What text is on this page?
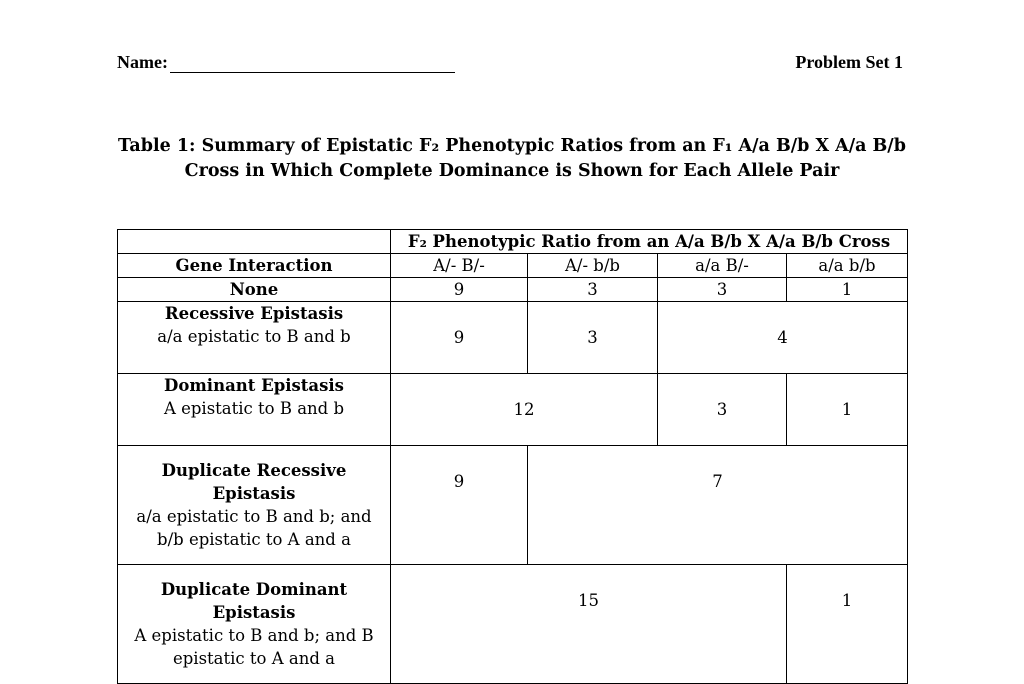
Name:	Problem Set 1
Table 1: Summary of Epistatic F₂ Phenotypic Ratios from an F₁ A/a B/b X A/a B/b
Cross in Which Complete Dominance is Shown for Each Allele Pair
	F₂ Phenotypic Ratio from an A/a B/b X A/a B/b Cross			
Gene Interaction	A/- B/-	A/- b/b	a/a B/-	a/a b/b
None	9	3	3	1

Recessive Epistasis
a/a epistatic to B and b	9	3	4	

Dominant Epistasis
A epistatic to B and b	12		3	1

Duplicate Recessive Epistasis
a/a epistatic to B and b; and b/b epistatic to A and a	9	7		

Duplicate Dominant Epistasis
A epistatic to B and b; and B epistatic to A and a	15			1
